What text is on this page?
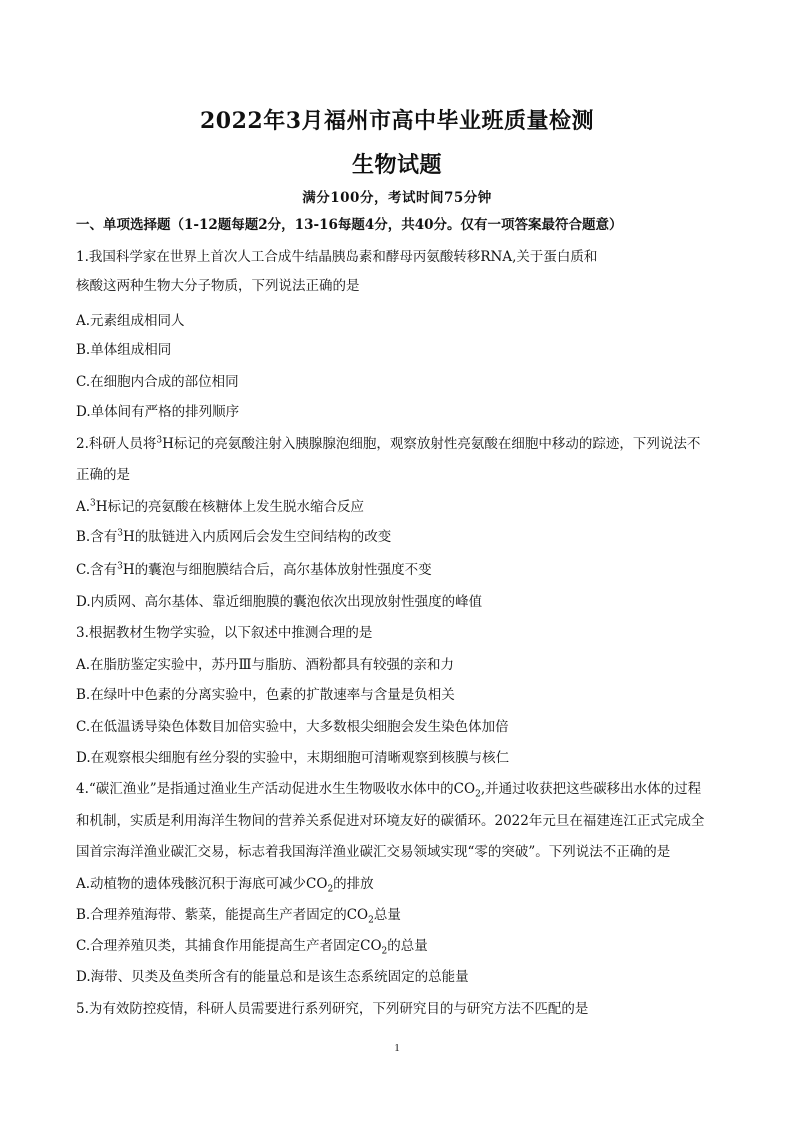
2022年3月福州市高中毕业班质量检测
生物试题
满分100分，考试时间75分钟
一、单项选择题（1-12题每题2分，13-16每题4分，共40分。仅有一项答案最符合题意）
1.我国科学家在世界上首次人工合成牛结晶胰岛素和酵母丙氨酸转移RNA,关于蛋白质和
核酸这两种生物大分子物质，下列说法正确的是
A.元素组成相同人
B.单体组成相同
C.在细胞内合成的部位相同
D.单体间有严格的排列顺序
2.科研人员将$^3$H标记的亮氨酸注射入胰腺腺泡细胞，观察放射性亮氨酸在细胞中移动的踪迹，下列说法不
正确的是
A.$^3$H标记的亮氨酸在核糖体上发生脱水缩合反应
B.含有$^3$H的肽链进入内质网后会发生空间结构的改变
C.含有$^3$H的囊泡与细胞膜结合后，高尔基体放射性强度不变
D.内质网、高尔基体、靠近细胞膜的囊泡依次出现放射性强度的峰值
3.根据教材生物学实验，以下叙述中推测合理的是
A.在脂肪鉴定实验中，苏丹Ⅲ与脂肪、酒粉都具有较强的亲和力
B.在绿叶中色素的分离实验中，色素的扩散速率与含量是负相关
C.在低温诱导染色体数目加倍实验中，大多数根尖细胞会发生染色体加倍
D.在观察根尖细胞有丝分裂的实验中，末期细胞可清晰观察到核膜与核仁
4.“碳汇渔业”是指通过渔业生产活动促进水生生物吸收水体中的$CO_2$,并通过收获把这些碳移出水体的过程
和机制，实质是利用海洋生物间的营养关系促进对环境友好的碳循环。2022年元旦在福建连江正式完成全
国首宗海洋渔业碳汇交易，标志着我国海洋渔业碳汇交易领域实现“零的突破”。下列说法不正确的是
A.动植物的遗体残骸沉积于海底可减少$CO_2$的排放
B.合理养殖海带、紫菜，能提高生产者固定的$CO_2$总量
C.合理养殖贝类，其捕食作用能提高生产者固定$CO_2$的总量
D.海带、贝类及鱼类所含有的能量总和是该生态系统固定的总能量
5.为有效防控疫情，科研人员需要进行系列研究，下列研究目的与研究方法不匹配的是
1
